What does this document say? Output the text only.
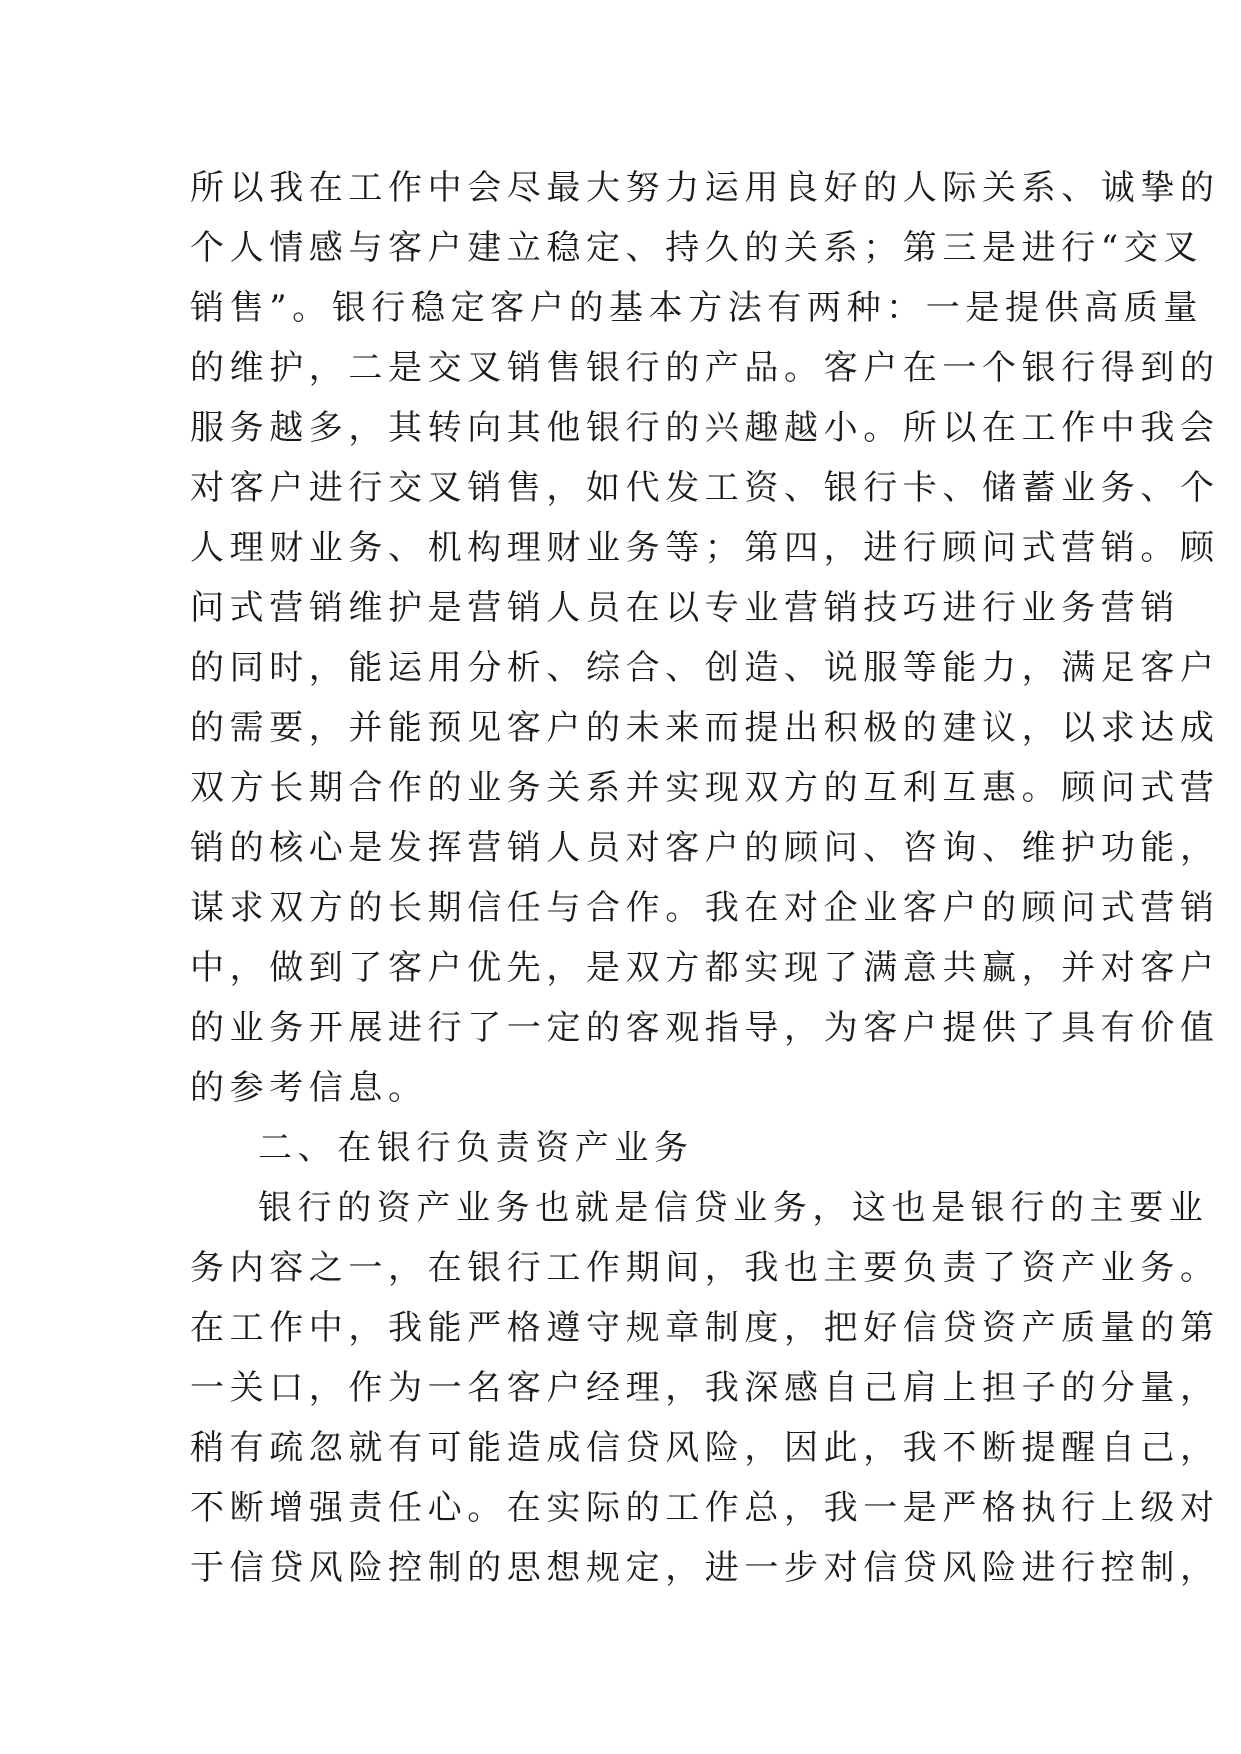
所以我在工作中会尽最大努力运用良好的人际关系、诚挚的
个人情感与客户建立稳定、持久的关系；第三是进行“交叉
销售”。银行稳定客户的基本方法有两种：一是提供高质量
的维护，二是交叉销售银行的产品。客户在一个银行得到的
服务越多，其转向其他银行的兴趣越小。所以在工作中我会
对客户进行交叉销售，如代发工资、银行卡、储蓄业务、个
人理财业务、机构理财业务等；第四，进行顾问式营销。顾
问式营销维护是营销人员在以专业营销技巧进行业务营销
的同时，能运用分析、综合、创造、说服等能力，满足客户
的需要，并能预见客户的未来而提出积极的建议，以求达成
双方长期合作的业务关系并实现双方的互利互惠。顾问式营
销的核心是发挥营销人员对客户的顾问、咨询、维护功能，
谋求双方的长期信任与合作。我在对企业客户的顾问式营销
中，做到了客户优先，是双方都实现了满意共赢，并对客户
的业务开展进行了一定的客观指导，为客户提供了具有价值
的参考信息。
二、在银行负责资产业务
银行的资产业务也就是信贷业务，这也是银行的主要业
务内容之一，在银行工作期间，我也主要负责了资产业务。
在工作中，我能严格遵守规章制度，把好信贷资产质量的第
一关口，作为一名客户经理，我深感自己肩上担子的分量，
稍有疏忽就有可能造成信贷风险，因此，我不断提醒自己，
不断增强责任心。在实际的工作总，我一是严格执行上级对
于信贷风险控制的思想规定，进一步对信贷风险进行控制，
